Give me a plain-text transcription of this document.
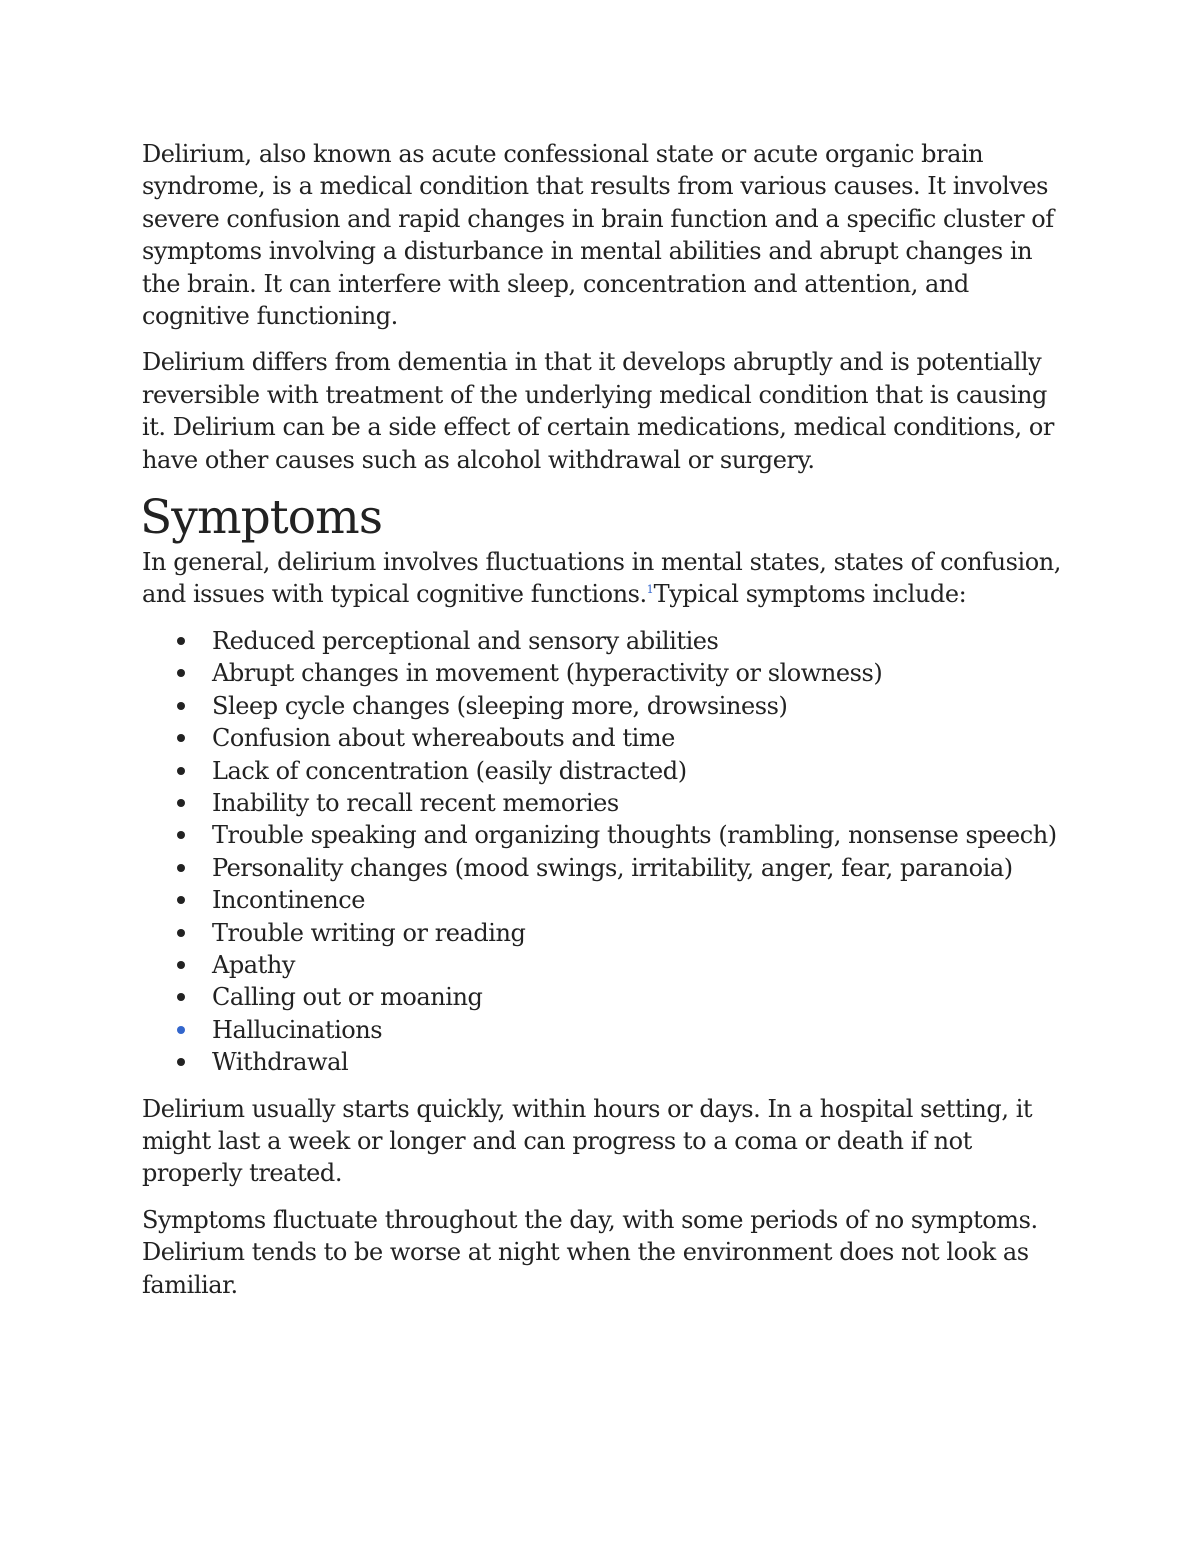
Delirium, also known as acute confessional state or acute organic brain syndrome, is a medical condition that results from various causes. It involves severe confusion and rapid changes in brain function and a specific cluster of symptoms involving a disturbance in mental abilities and abrupt changes in the brain. It can interfere with sleep, concentration and attention, and cognitive functioning.

Delirium differs from dementia in that it develops abruptly and is potentially reversible with treatment of the underlying medical condition that is causing it. Delirium can be a side effect of certain medications, medical conditions, or have other causes such as alcohol withdrawal or surgery.

Symptoms

In general, delirium involves fluctuations in mental states, states of confusion, and issues with typical cognitive functions.$^1$Typical symptoms include:

Reduced perceptional and sensory abilities
Abrupt changes in movement (hyperactivity or slowness)
Sleep cycle changes (sleeping more, drowsiness)
Confusion about whereabouts and time
Lack of concentration (easily distracted)
Inability to recall recent memories
Trouble speaking and organizing thoughts (rambling, nonsense speech)
Personality changes (mood swings, irritability, anger, fear, paranoia)
Incontinence
Trouble writing or reading
Apathy
Calling out or moaning
Hallucinations
Withdrawal

Delirium usually starts quickly, within hours or days. In a hospital setting, it might last a week or longer and can progress to a coma or death if not properly treated.

Symptoms fluctuate throughout the day, with some periods of no symptoms. Delirium tends to be worse at night when the environment does not look as familiar.
